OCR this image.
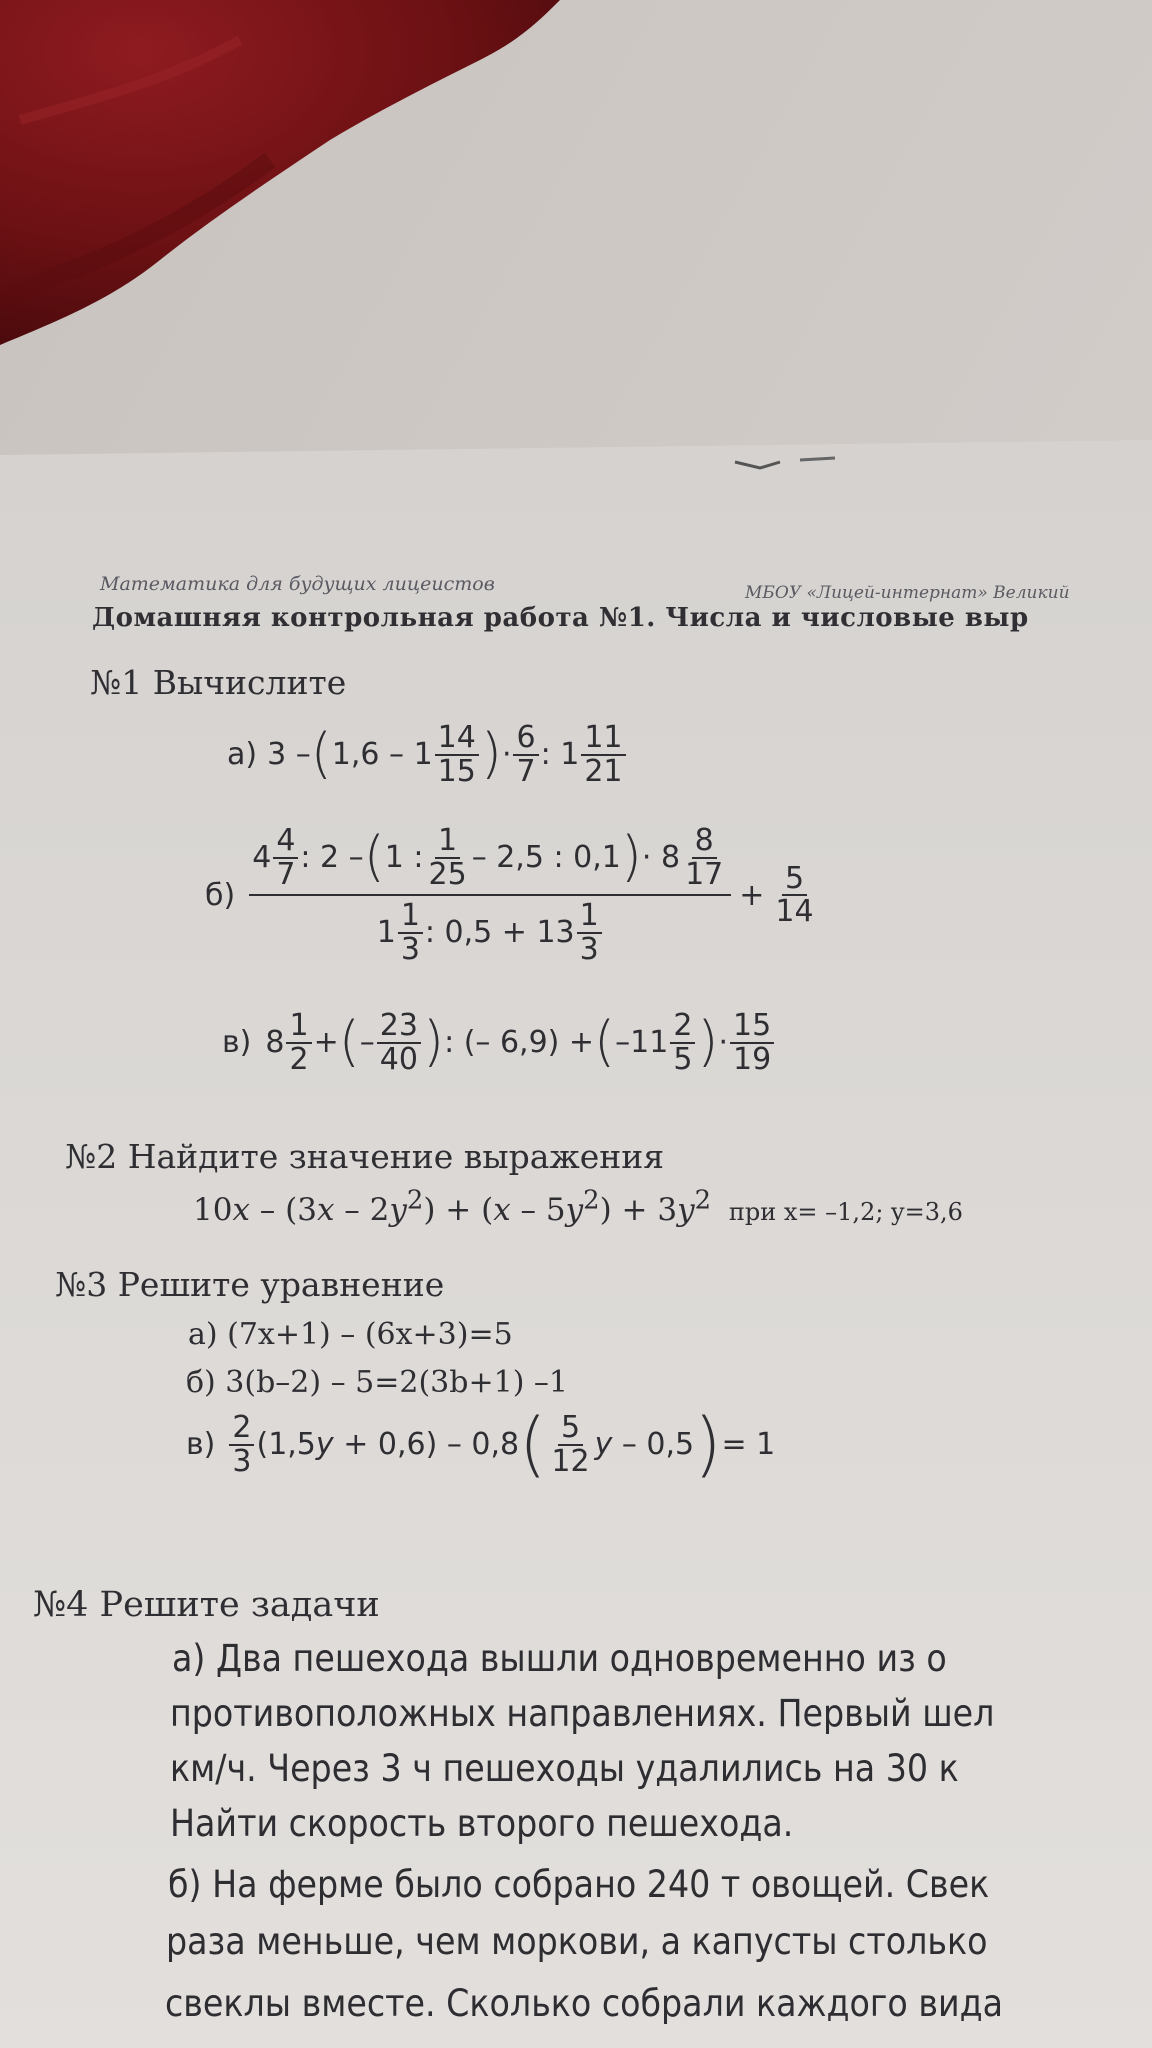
Математика для будущих лицеистов	МБОУ «Лицей-интернат» Великий
Домашняя контрольная работа №1. Числа и числовые выр
№1 Вычислите
а) 3 – ( $1,6 - 1 \frac{14}{15}$ ) · $\frac{6}{7}$ : $1 \frac{11}{21}$
б)
$4 \frac{4}{7}$ : 2 – ( 1 : $\frac{1}{25} - 2,5$ : 0,1 ) · $8 \frac{8}{17}$
$1 \frac{1}{3}$ : $0,5 + 13 \frac{1}{3}$
+ $\frac{5}{14}$
в) $8 \frac{1}{2}$ + ( – $\frac{23}{40}$ ) : (– 6,9) + ( $-11 \frac{2}{5}$ ) · $\frac{15}{19}$
№2 Найдите значение выражения
$10x - (3x - 2y^2) + (x - 5y^2) + 3y^2$ при x= –1,2; y=3,6
№3 Решите уравнение
а) (7x+1) – (6x+3)=5
б) 3(b–2) – 5=2(3b+1) –1
$в) \frac{2}{3} (1,5y + 0,6) - 0,8$ ( $\frac{5}{12}$ y – 0,5 ) = 1
№4 Решите задачи
а) Два пешехода вышли одновременно из о
противоположных направлениях. Первый шел
км/ч. Через 3 ч пешеходы удалились на 30 к
Найти скорость второго пешехода.
б) На ферме было собрано 240 т овощей. Свек
раза меньше, чем моркови, а капусты столько
свеклы вместе. Сколько собрали каждого вида
